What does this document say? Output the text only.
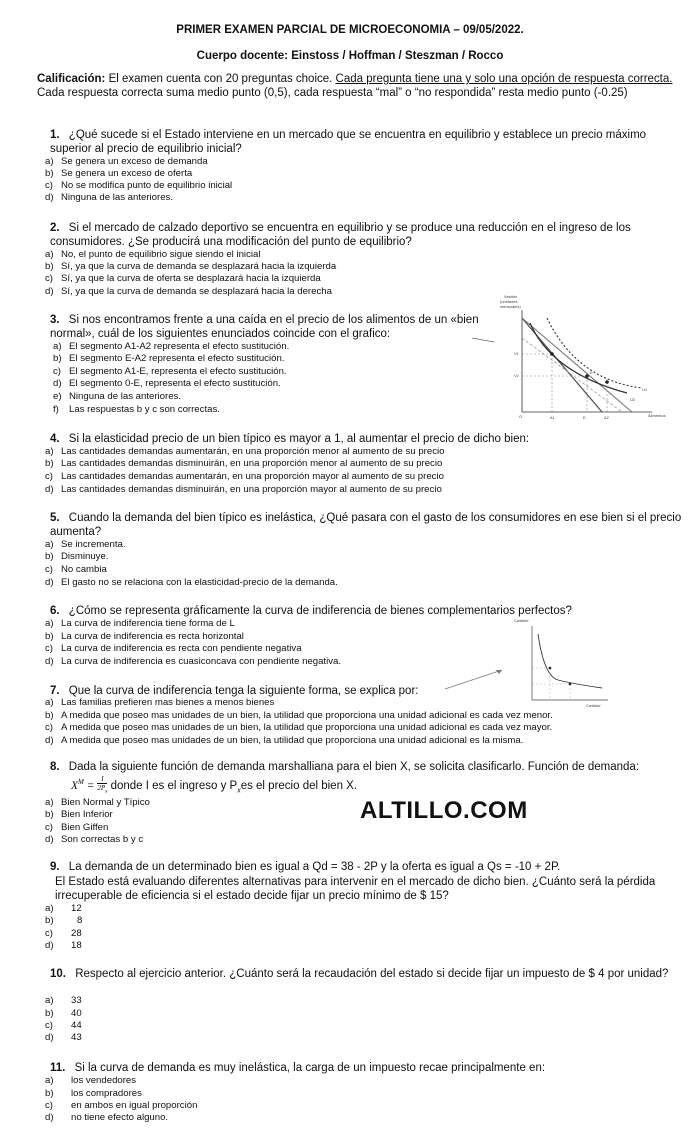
PRIMER EXAMEN PARCIAL DE MICROECONOMIA – 09/05/2022.
Cuerpo docente: Einstoss / Hoffman / Steszman / Rocco
Calificación: El examen cuenta con 20 preguntas choice. Cada pregunta tiene una y solo una opción de respuesta correcta. Cada respuesta correcta suma medio punto (0,5), cada respuesta “mal” o “no respondida” resta medio punto (-0.25)
1. ¿Qué sucede si el Estado interviene en un mercado que se encuentra en equilibrio y establece un precio máximo superior al precio de equilibrio inicial?
a) Se genera un exceso de demanda
b) Se genera un exceso de oferta
c) No se modifica punto de equilibrio inicial
d) Ninguna de las anteriores.
2. Si el mercado de calzado deportivo se encuentra en equilibrio y se produce una reducción en el ingreso de los consumidores. ¿Se producirá una modificación del punto de equilibrio?
a) No, el punto de equilibrio sigue siendo el inicial
b) Sí, ya que la curva de demanda se desplazará hacia la izquierda
c) Sí, ya que la curva de oferta se desplazará hacia la izquierda
d) Sí, ya que la curva de demanda se desplazará hacia la derecha
3. Si nos encontramos frente a una caída en el precio de los alimentos de un «bien normal», cuál de los siguientes enunciados coincide con el grafico:
a) El segmento A1-A2 representa el efecto sustitución.
b) El segmento E-A2 representa el efecto sustitución.
c) El segmento A1-E, representa el efecto sustitución.
d) El segmento 0-E, representa el efecto sustitución.
e) Ninguna de las anteriores.
f) Las respuestas b y c son correctas.
Vestido
(unidades
mensuales)
O	Alimentos
A1	E	A2
U1
U2
E
V1
V2
4. Si la elasticidad precio de un bien típico es mayor a 1, al aumentar el precio de dicho bien:
a) Las cantidades demandas aumentarán, en una proporción menor al aumento de su precio
b) Las cantidades demandas disminuirán, en una proporción menor al aumento de su precio
c) Las cantidades demandas aumentarán, en una proporción mayor al aumento de su precio
d) Las cantidades demandas disminuirán, en una proporción mayor al aumento de su precio
5. Cuando la demanda del bien típico es inelástica, ¿Qué pasara con el gasto de los consumidores en ese bien si el precio aumenta?
a) Se incrementa.
b) Disminuye.
c) No cambia
d) El gasto no se relaciona con la elasticidad-precio de la demanda.
6. ¿Cómo se representa gráficamente la curva de indiferencia de bienes complementarios perfectos?
a) La curva de indiferencia tiene forma de L
b) La curva de indiferencia es recta horizontal
c) La curva de indiferencia es recta con pendiente negativa
d) La curva de indiferencia es cuasiconcava con pendiente negativa.
Cantidad
Cantidad
7. Que la curva de indiferencia tenga la siguiente forma, se explica por:
a) Las familias prefieren mas bienes a menos bienes
b) A medida que poseo mas unidades de un bien, la utilidad que proporciona una unidad adicional es cada vez menor.
c) A medida que poseo mas unidades de un bien, la utilidad que proporciona una unidad adicional es cada vez mayor.
d) A medida que poseo mas unidades de un bien, la utilidad que proporciona una unidad adicional es la misma.
8. Dada la siguiente función de demanda marshalliana para el bien X, se solicita clasificarlo. Función de demanda:
$X^M = \frac{I}{2P_x}$ donde I es el ingreso y $P_xes$ el precio del bien X.
a) Bien Normal y Típico
b) Bien Inferior
c) Bien Giffen
d) Son correctas b y c
ALTILLO.COM
9. La demanda de un determinado bien es igual a Qd = 38 - 2P y la oferta es igual a Qs = -10 + 2P.
El Estado está evaluando diferentes alternativas para intervenir en el mercado de dicho bien. ¿Cuánto será la pérdida irrecuperable de eficiencia si el estado decide fijar un precio mínimo de $ 15?
a) 12
b) 8
c) 28
d) 18
10. Respecto al ejercicio anterior. ¿Cuánto será la recaudación del estado si decide fijar un impuesto de $ 4 por unidad?
a) 33
b) 40
c) 44
d) 43
11. Si la curva de demanda es muy inelástica, la carga de un impuesto recae principalmente en:
a) los vendedores
b) los compradores
c) en ambos en igual proporción
d) no tiene efecto alguno.
